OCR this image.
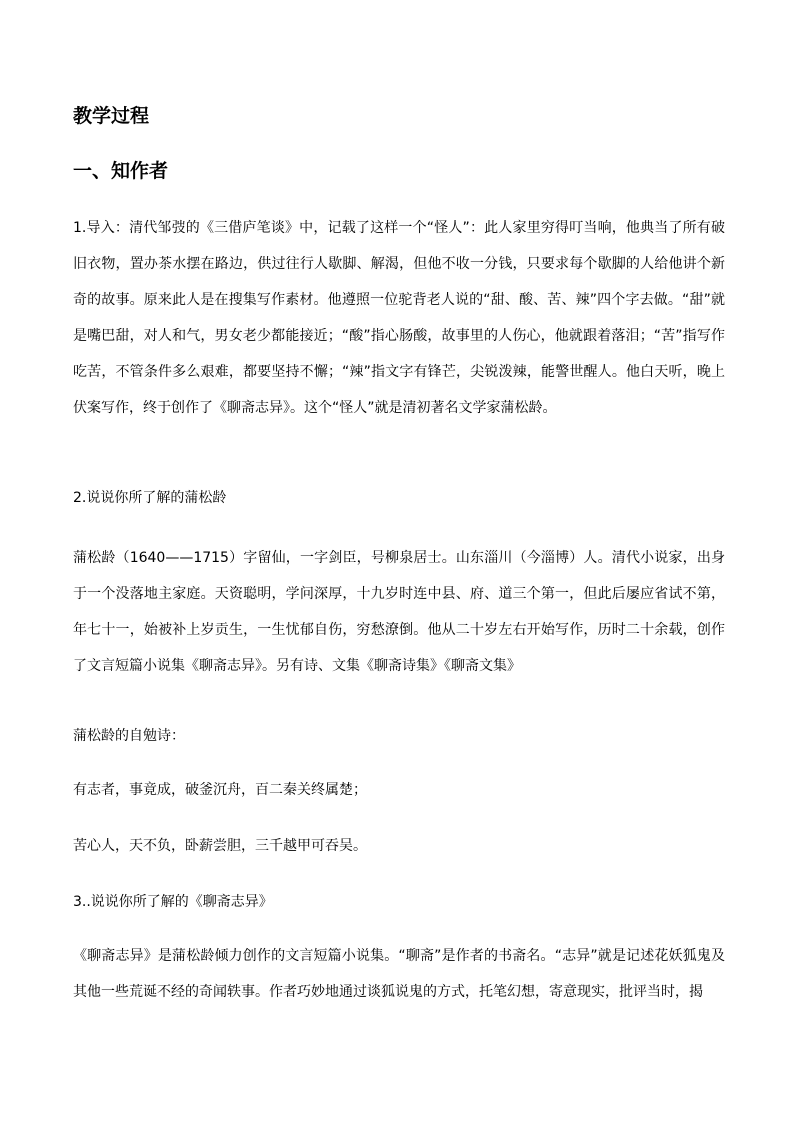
教学过程
一、知作者
1.导入：清代邹弢的《三借庐笔谈》中，记载了这样一个“怪人”：此人家里穷得叮当响，他典当了所有破旧衣物，置办茶水摆在路边，供过往行人歇脚、解渴，但他不收一分钱，只要求每个歇脚的人给他讲个新奇的故事。原来此人是在搜集写作素材。他遵照一位驼背老人说的“甜、酸、苦、辣”四个字去做。“甜”就是嘴巴甜，对人和气，男女老少都能接近；“酸”指心肠酸，故事里的人伤心，他就跟着落泪；“苦”指写作吃苦，不管条件多么艰难，都要坚持不懈；“辣”指文字有锋芒，尖锐泼辣，能警世醒人。他白天听，晚上伏案写作，终于创作了《聊斋志异》。这个“怪人”就是清初著名文学家蒲松龄。
2.说说你所了解的蒲松龄
蒲松龄（1640——1715）字留仙，一字剑臣，号柳泉居士。山东淄川（今淄博）人。清代小说家，出身于一个没落地主家庭。天资聪明，学问深厚，十九岁时连中县、府、道三个第一，但此后屡应省试不第，年七十一，始被补上岁贡生，一生忧郁自伤，穷愁潦倒。他从二十岁左右开始写作，历时二十余载，创作了文言短篇小说集《聊斋志异》。另有诗、文集《聊斋诗集》《聊斋文集》
蒲松龄的自勉诗：
有志者，事竟成，破釜沉舟，百二秦关终属楚；
苦心人，天不负，卧薪尝胆，三千越甲可吞吴。
3..说说你所了解的《聊斋志异》
《聊斋志异》是蒲松龄倾力创作的文言短篇小说集。“聊斋”是作者的书斋名。“志异”就是记述花妖狐鬼及其他一些荒诞不经的奇闻轶事。作者巧妙地通过谈狐说鬼的方式，托笔幻想，寄意现实，批评当时，揭
